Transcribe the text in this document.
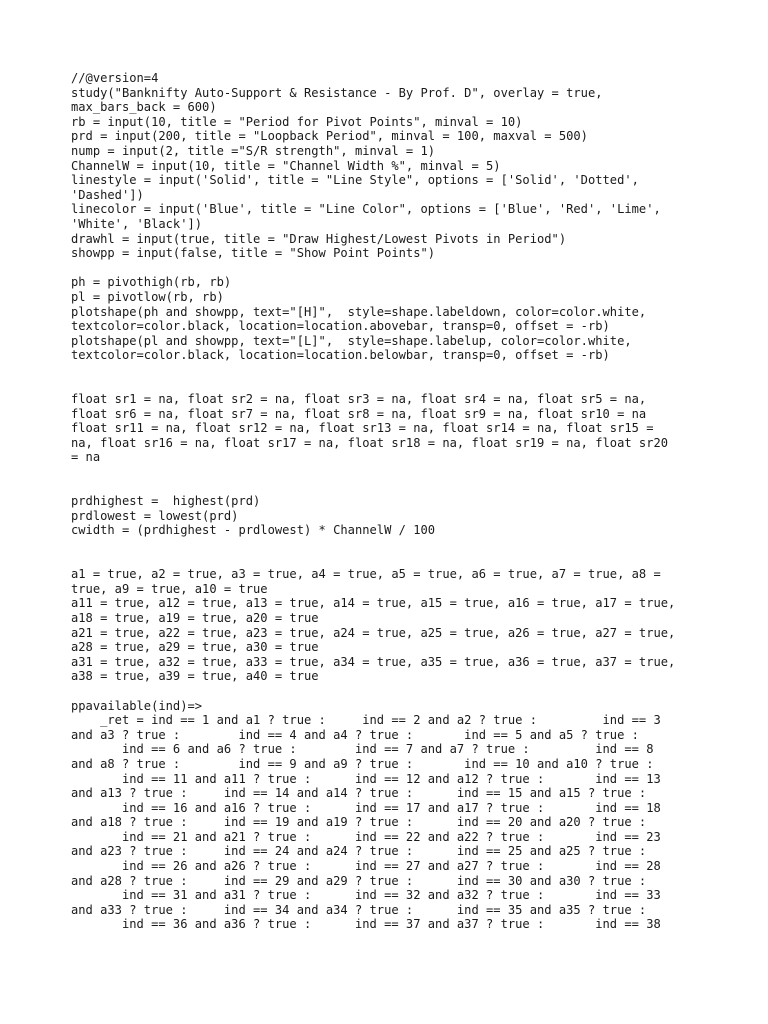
//@version=4
study("Banknifty Auto-Support & Resistance - By Prof. D", overlay = true,
max_bars_back = 600)
rb = input(10, title = "Period for Pivot Points", minval = 10)
prd = input(200, title = "Loopback Period", minval = 100, maxval = 500)
nump = input(2, title ="S/R strength", minval = 1)
ChannelW = input(10, title = "Channel Width %", minval = 5)
linestyle = input('Solid', title = "Line Style", options = ['Solid', 'Dotted',
'Dashed'])
linecolor = input('Blue', title = "Line Color", options = ['Blue', 'Red', 'Lime',
'White', 'Black'])
drawhl = input(true, title = "Draw Highest/Lowest Pivots in Period")
showpp = input(false, title = "Show Point Points")
ph = pivothigh(rb, rb)
pl = pivotlow(rb, rb)
plotshape(ph and showpp, text="[H]",  style=shape.labeldown, color=color.white,
textcolor=color.black, location=location.abovebar, transp=0, offset = -rb)
plotshape(pl and showpp, text="[L]",  style=shape.labelup, color=color.white,
textcolor=color.black, location=location.belowbar, transp=0, offset = -rb)
float sr1 = na, float sr2 = na, float sr3 = na, float sr4 = na, float sr5 = na,
float sr6 = na, float sr7 = na, float sr8 = na, float sr9 = na, float sr10 = na
float sr11 = na, float sr12 = na, float sr13 = na, float sr14 = na, float sr15 =
na, float sr16 = na, float sr17 = na, float sr18 = na, float sr19 = na, float sr20
= na
prdhighest =  highest(prd)
prdlowest = lowest(prd)
cwidth = (prdhighest - prdlowest) * ChannelW / 100
a1 = true, a2 = true, a3 = true, a4 = true, a5 = true, a6 = true, a7 = true, a8 =
true, a9 = true, a10 = true
a11 = true, a12 = true, a13 = true, a14 = true, a15 = true, a16 = true, a17 = true,
a18 = true, a19 = true, a20 = true
a21 = true, a22 = true, a23 = true, a24 = true, a25 = true, a26 = true, a27 = true,
a28 = true, a29 = true, a30 = true
a31 = true, a32 = true, a33 = true, a34 = true, a35 = true, a36 = true, a37 = true,
a38 = true, a39 = true, a40 = true
ppavailable(ind)=>
_ret = ind == 1 and a1 ? true :     ind == 2 and a2 ? true :         ind == 3
and a3 ? true :        ind == 4 and a4 ? true :       ind == 5 and a5 ? true :
ind == 6 and a6 ? true :        ind == 7 and a7 ? true :         ind == 8
and a8 ? true :        ind == 9 and a9 ? true :       ind == 10 and a10 ? true :
ind == 11 and a11 ? true :      ind == 12 and a12 ? true :       ind == 13
and a13 ? true :     ind == 14 and a14 ? true :      ind == 15 and a15 ? true :
ind == 16 and a16 ? true :      ind == 17 and a17 ? true :       ind == 18
and a18 ? true :     ind == 19 and a19 ? true :      ind == 20 and a20 ? true :
ind == 21 and a21 ? true :      ind == 22 and a22 ? true :       ind == 23
and a23 ? true :     ind == 24 and a24 ? true :      ind == 25 and a25 ? true :
ind == 26 and a26 ? true :      ind == 27 and a27 ? true :       ind == 28
and a28 ? true :     ind == 29 and a29 ? true :      ind == 30 and a30 ? true :
ind == 31 and a31 ? true :      ind == 32 and a32 ? true :       ind == 33
and a33 ? true :     ind == 34 and a34 ? true :      ind == 35 and a35 ? true :
ind == 36 and a36 ? true :      ind == 37 and a37 ? true :       ind == 38
